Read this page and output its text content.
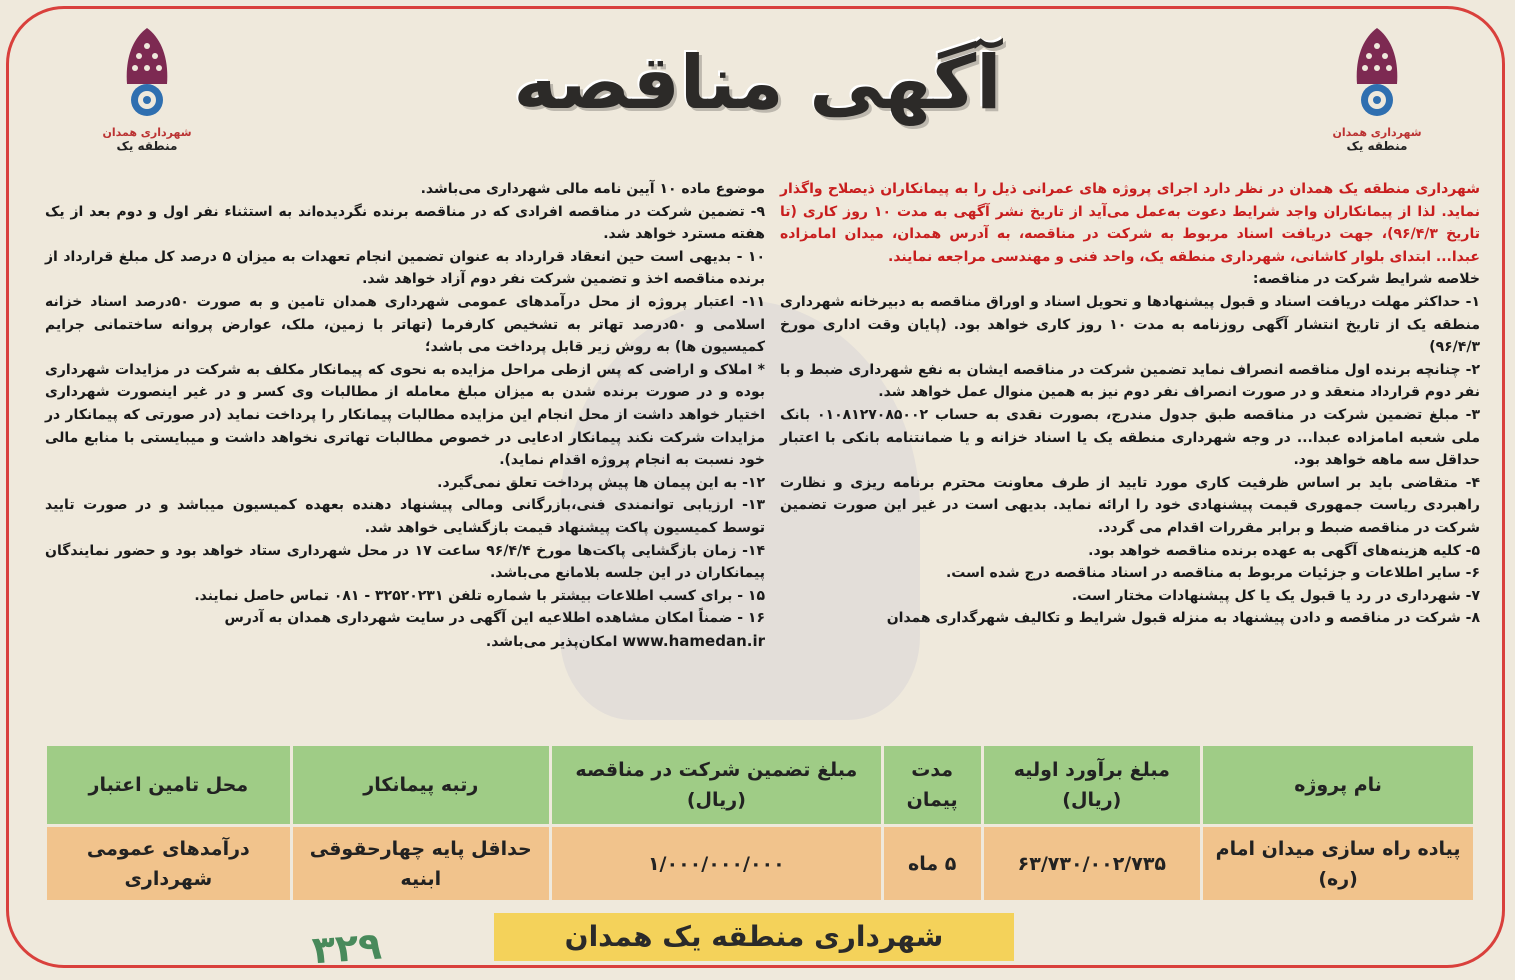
شهرداری همدان
منطقه یک
شهرداری همدان
منطقه یک
آگهی مناقصه

شهرداری منطقه یک همدان در نظر دارد اجرای پروژه های عمرانی ذیل را به پیمانکاران ذیصلاح واگذار نماید. لذا از پیمانکاران واجد شرایط دعوت به‌عمل می‌آید از تاریخ نشر آگهی به مدت ۱۰ روز کاری (تا تاریخ ۹۶/۴/۳)، جهت دریافت اسناد مربوط به شرکت در مناقصه، به آدرس همدان، میدان امامزاده عبدا... ابتدای بلوار کاشانی، شهرداری منطقه یک، واحد فنی و مهندسی مراجعه نمایند.

خلاصه شرایط شرکت در مناقصه:

۱- حداکثر مهلت دریافت اسناد و قبول پیشنهادها و تحویل اسناد و اوراق مناقصه به دبیرخانه شهرداری منطقه یک از تاریخ انتشار آگهی روزنامه به مدت ۱۰ روز کاری خواهد بود. (پایان وقت اداری مورخ ۹۶/۴/۳)

۲- چنانچه برنده اول مناقصه انصراف نماید تضمین شرکت در مناقصه ایشان به نفع شهرداری ضبط و با نفر دوم قرارداد منعقد و در صورت انصراف نفر دوم نیز به همین منوال عمل خواهد شد.

۳- مبلغ تضمین شرکت در مناقصه طبق جدول مندرج، بصورت نقدی به حساب ۰۱۰۸۱۲۷۰۸۵۰۰۲ بانک ملی شعبه امامزاده عبدا... در وجه شهرداری منطقه یک یا اسناد خزانه و یا ضمانتنامه بانکی با اعتبار حداقل سه ماهه خواهد بود.

۴- متقاضی باید بر اساس ظرفیت کاری مورد تایید از طرف معاونت محترم برنامه ریزی و نظارت راهبردی ریاست جمهوری قیمت پیشنهادی خود را ارائه نماید. بدیهی است در غیر این صورت تضمین شرکت در مناقصه ضبط و برابر مقررات اقدام می گردد.

۵- کلیه هزینه‌های آگهی به عهده برنده مناقصه خواهد بود.

۶- سایر اطلاعات و جزئیات مربوط به مناقصه در اسناد مناقصه درج شده است.

۷- شهرداری در رد یا قبول یک یا کل پیشنهادات مختار است.

۸- شرکت در مناقصه و دادن پیشنهاد به منزله قبول شرایط و تکالیف شهرگداری همدان

موضوع ماده ۱۰ آیین نامه مالی شهرداری می‌باشد.

۹- تضمین شرکت در مناقصه افرادی که در مناقصه برنده نگردیده‌اند به استثناء نفر اول و دوم بعد از یک هفته مسترد خواهد شد.

۱۰ - بدیهی است حین انعقاد قرارداد به عنوان تضمین انجام تعهدات به میزان ۵ درصد کل مبلغ قرارداد از برنده مناقصه اخذ و تضمین شرکت نفر دوم آزاد خواهد شد.

۱۱- اعتبار پروژه از محل درآمدهای عمومی شهرداری همدان تامین و به صورت ۵۰درصد اسناد خزانه اسلامی و ۵۰درصد تهاتر به تشخیص کارفرما (تهاتر با زمین، ملک، عوارض پروانه ساختمانی جرایم کمیسیون ها) به روش زیر قابل پرداخت می باشد؛

* املاک و اراضی که پس ازطی مراحل مزایده به نحوی که پیمانکار مکلف به شرکت در مزایدات شهرداری بوده و در صورت برنده شدن به میزان مبلغ معامله از مطالبات وی کسر و در غیر اینصورت شهرداری اختیار خواهد داشت از محل انجام این مزایده مطالبات پیمانکار را پرداخت نماید (در صورتی که پیمانکار در مزایدات شرکت نکند پیمانکار ادعایی در خصوص مطالبات تهاتری نخواهد داشت و میبایستی با منابع مالی خود نسبت به انجام پروژه اقدام نماید).

۱۲- به این پیمان ها پیش پرداخت تعلق نمی‌گیرد.

۱۳- ارزیابی توانمندی فنی،بازرگانی ومالی پیشنهاد دهنده بعهده کمیسیون میباشد و در صورت تایید توسط کمیسیون پاکت پیشنهاد قیمت بازگشایی خواهد شد.

۱۴- زمان بازگشایی پاکت‌ها مورخ ۹۶/۴/۴ ساعت ۱۷ در محل شهرداری ستاد خواهد بود و حضور نمایندگان پیمانکاران در این جلسه بلامانع می‌باشد.

۱۵ - برای کسب اطلاعات بیشتر با شماره تلفن ۳۲۵۲۰۲۳۱ - ۰۸۱ تماس حاصل نمایند.

۱۶ - ضمناً امکان مشاهده اطلاعیه این آگهی در سایت شهرداری همدان به آدرس

www.hamedan.ir امکان‌پذیر می‌باشد.

نام پروژه	مبلغ برآورد اولیه (ریال)	مدت پیمان	مبلغ تضمین شرکت در مناقصه (ریال)	رتبه پیمانکار	محل تامین اعتبار
پیاده راه سازی میدان امام (ره)	۶۳/۷۳۰/۰۰۲/۷۳۵	۵ ماه	۱/۰۰۰/۰۰۰/۰۰۰	حداقل پایه چهارحقوقی ابنیه	درآمدهای عمومی شهرداری
شهرداری منطقه یک همدان
۳۲۹
